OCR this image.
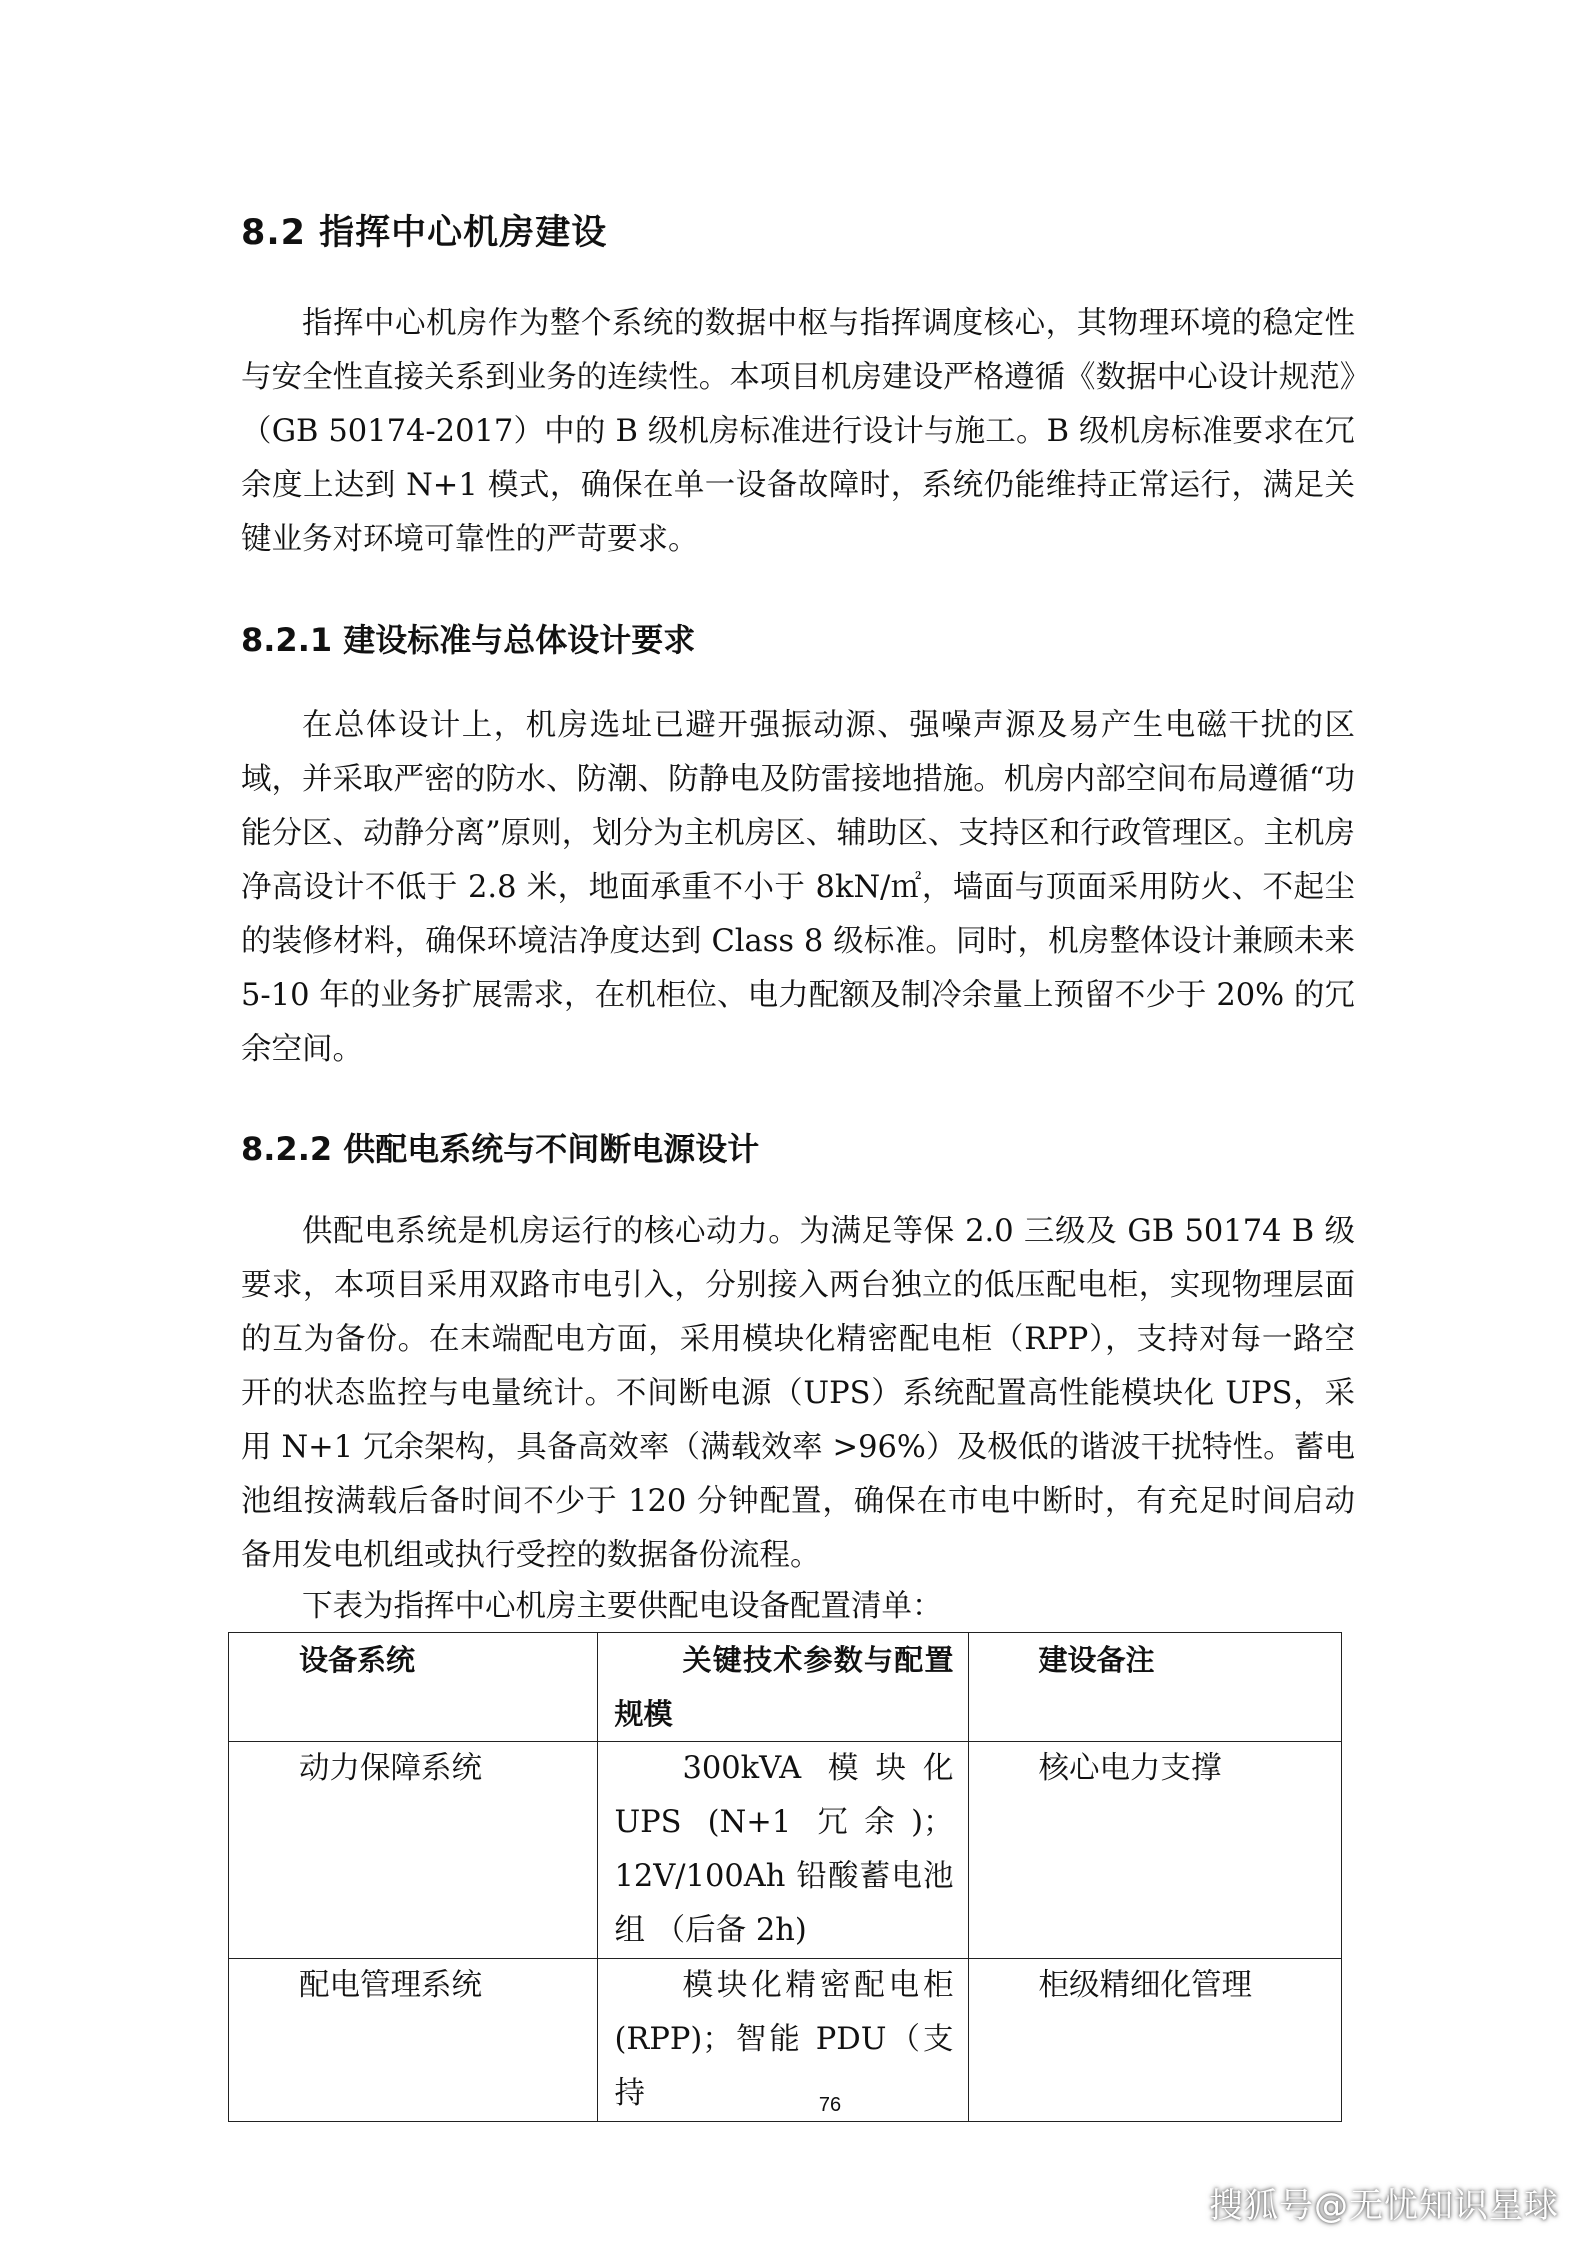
8.2 指挥中心机房建设

指挥中心机房作为整个系统的数据中枢与指挥调度核心，其物理环境的稳定性与安全性直接关系到业务的连续性。本项目机房建设严格遵循《数据中心设计规范》（GB 50174-2017）中的 B 级机房标准进行设计与施工。B 级机房标准要求在冗余度上达到 N+1 模式，确保在单一设备故障时，系统仍能维持正常运行，满足关键业务对环境可靠性的严苛要求。

8.2.1 建设标准与总体设计要求

在总体设计上，机房选址已避开强振动源、强噪声源及易产生电磁干扰的区域，并采取严密的防水、防潮、防静电及防雷接地措施。机房内部空间布局遵循“功能分区、动静分离”原则，划分为主机房区、辅助区、支持区和行政管理区。主机房净高设计不低于 2.8 米，地面承重不小于 8kN/㎡，墙面与顶面采用防火、不起尘的装修材料，确保环境洁净度达到 Class 8 级标准。同时，机房整体设计兼顾未来 5-10 年的业务扩展需求，在机柜位、电力配额及制冷余量上预留不少于 20% 的冗余空间。

8.2.2 供配电系统与不间断电源设计

供配电系统是机房运行的核心动力。为满足等保 2.0 三级及 GB 50174 B 级要求，本项目采用双路市电引入，分别接入两台独立的低压配电柜，实现物理层面的互为备份。在末端配电方面，采用模块化精密配电柜（RPP），支持对每一路空开的状态监控与电量统计。不间断电源（UPS）系统配置高性能模块化 UPS，采用 N+1 冗余架构，具备高效率（满载效率 >96%）及极低的谐波干扰特性。蓄电池组按满载后备时间不少于 120 分钟配置，确保在市电中断时，有充足时间启动备用发电机组或执行受控的数据备份流程。

下表为指挥中心机房主要供配电设备配置清单：
设备系统	关键技术参数与配置规模	建设备注

动力保障系统	300kVA 模块化 UPS (N+1 冗余)；12V/100Ah 铅酸蓄电池组 （后备 2h)	核心电力支撑

配电管理系统	模块化精密配电柜(RPP)；智能 PDU（支持	柜级精细化管理
76
搜狐号@无忧知识星球
